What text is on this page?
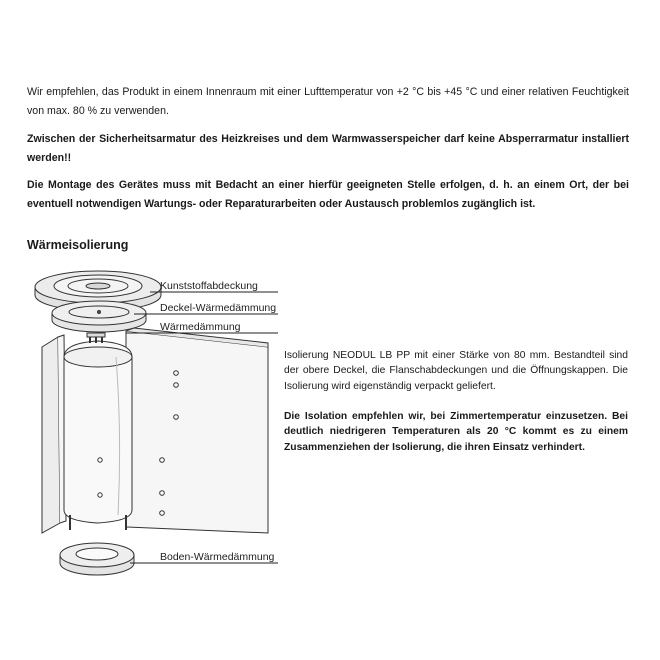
Wir empfehlen, das Produkt in einem Innenraum mit einer Lufttemperatur von +2 °C bis +45 °C und einer relativen Feuchtigkeit von max. 80 % zu verwenden.

Zwischen der Sicherheitsarmatur des Heizkreises und dem Warmwasserspeicher darf keine Absperrarmatur installiert werden!!

Die Montage des Gerätes muss mit Bedacht an einer hierfür geeigneten Stelle erfolgen, d. h. an einem Ort, der bei eventuell notwendigen Wartungs- oder Reparaturarbeiten oder Austausch problemlos zugänglich ist.

Wärmeisolierung
Kunststoffabdeckung
Deckel-Wärmedämmung
Wärmedämmung
Boden-Wärmedämmung

Isolierung NEODUL LB PP mit einer Stärke von 80 mm. Bestandteil sind der obere Deckel, die Flanschabdeckungen und die Öffnungskappen. Die Isolierung wird eigenständig verpackt geliefert.

Die Isolation empfehlen wir, bei Zimmertemperatur einzusetzen. Bei deutlich niedrigeren Temperaturen als 20 °C kommt es zu einem Zusammenziehen der Isolierung, die ihren Einsatz verhindert.
